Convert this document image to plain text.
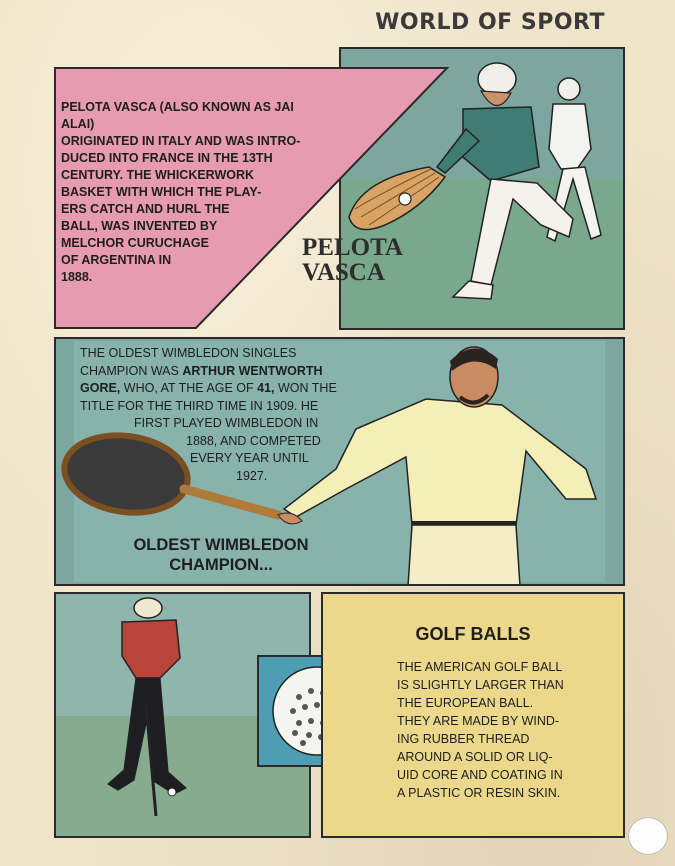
WORLD OF SPORT
PELOTA VASCA (ALSO KNOWN AS JAI ALAI)
ORIGINATED IN ITALY AND WAS INTRO-
DUCED INTO FRANCE IN THE 13TH
CENTURY. THE WHICKERWORK
BASKET WITH WHICH THE PLAY-
ERS CATCH AND HURL THE
BALL, WAS INVENTED BY
MELCHOR CURUCHAGE
OF ARGENTINA IN
1888.
PELOTA
VASCA
THE OLDEST WIMBLEDON SINGLES
CHAMPION WAS ARTHUR WENTWORTH
GORE, WHO, AT THE AGE OF 41, WON THE
TITLE FOR THE THIRD TIME IN 1909. HE
FIRST PLAYED WIMBLEDON IN
1888, AND COMPETED
EVERY YEAR UNTIL
1927.
OLDEST WIMBLEDON
CHAMPION...
GOLF BALLS
THE AMERICAN GOLF BALL
IS SLIGHTLY LARGER THAN
THE EUROPEAN BALL.
THEY ARE MADE BY WIND-
ING RUBBER THREAD
AROUND A SOLID OR LIQ-
UID CORE AND COATING IN
A PLASTIC OR RESIN SKIN.
